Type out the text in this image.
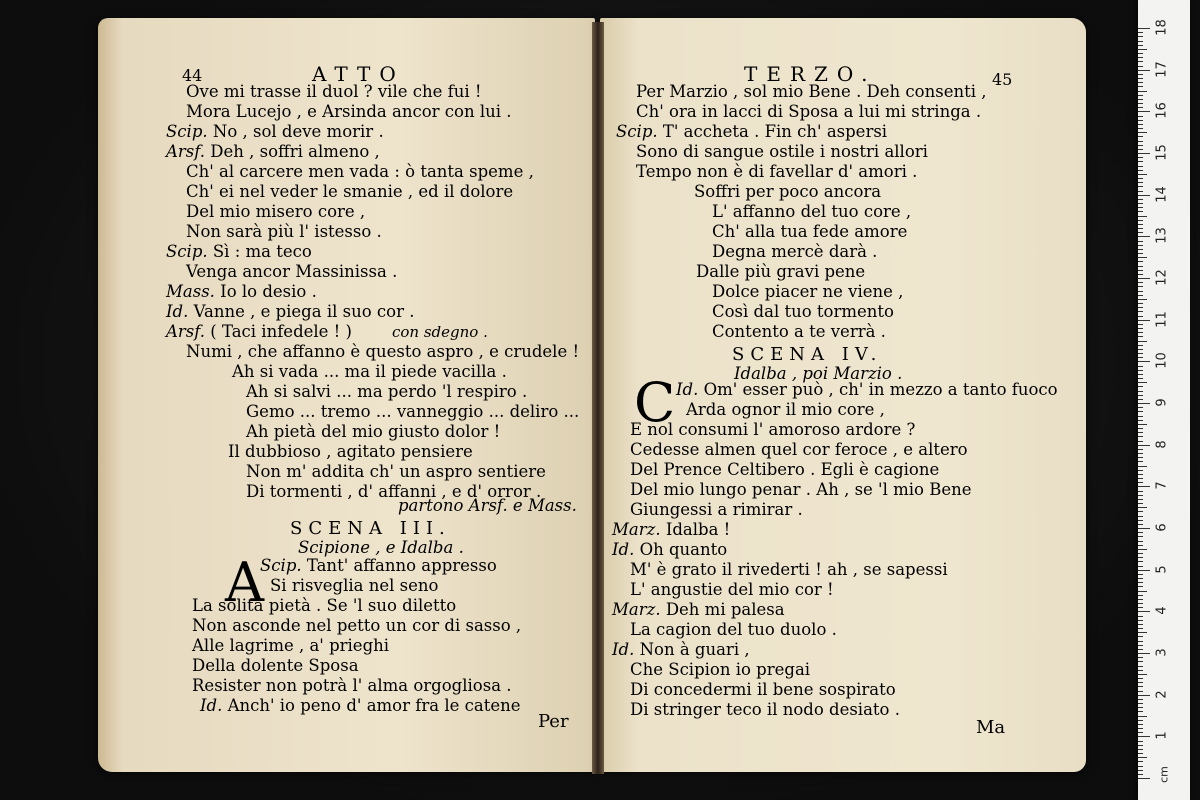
44	ATTO
Ove mi trasse il duol ? vile che fui !
Mora Lucejo , e Arsinda ancor con lui .
Scip. No , sol deve morir .
Arsf. Deh , soffri almeno ,
Ch' al carcere men vada : ò tanta speme ,
Ch' ei nel veder le smanie , ed il dolore
Del mio misero core ,
Non sarà più l' istesso .
Scip. Sì : ma teco
Venga ancor Massinissa .
Mass. Io lo desio .
Id. Vanne , e piega il suo cor .
Arsf. ( Taci infedele ! )	con sdegno .
Numi , che affanno è questo aspro , e crudele !
Ah si vada ... ma il piede vacilla .
Ah si salvi ... ma perdo 'l respiro .
Gemo ... tremo ... vanneggio ... deliro ...
Ah pietà del mio giusto dolor !
Il dubbioso , agitato pensiere
Non m' addita ch' un aspro sentiere
Di tormenti , d' affanni , e d' orror .
partono Arsf. e Mass.
SCENA III.
Scipione , e Idalba .
A
Scip. Tant' affanno appresso
Si risveglia nel seno
La solita pietà . Se 'l suo diletto
Non asconde nel petto un cor di sasso ,
Alle lagrime , a' prieghi
Della dolente Sposa
Resister non potrà l' alma orgogliosa .
Id. Anch' io peno d' amor fra le catene
Per
TERZO.	45
Per Marzio , sol mio Bene . Deh consenti ,
Ch' ora in lacci di Sposa a lui mi stringa .
Scip. T' accheta . Fin ch' aspersi
Sono di sangue ostile i nostri allori
Tempo non è di favellar d' amori .
Soffri per poco ancora
L' affanno del tuo core ,
Ch' alla tua fede amore
Degna mercè darà .
Dalle più gravi pene
Dolce piacer ne viene ,
Così dal tuo tormento
Contento a te verrà .
SCENA IV.
Idalba , poi Marzio .
C Id. Om' esser può , ch' in mezzo a tanto fuoco
Arda ognor il mio core ,
E nol consumi l' amoroso ardore ?
Cedesse almen quel cor feroce , e altero
Del Prence Celtibero . Egli è cagione
Del mio lungo penar . Ah , se 'l mio Bene
Giungessi a rimirar .
Marz. Idalba !
Id. Oh quanto
M' è grato il rivederti ! ah , se sapessi
L' angustie del mio cor !
Marz. Deh mi palesa
La cagion del tuo duolo .
Id. Non à guari ,
Che Scipion io pregai
Di concedermi il bene sospirato
Di stringer teco il nodo desiato .
Ma
cm
1
2
3
4
5
6
7
8
9
10
11
12
13
14
15
16
17
18
